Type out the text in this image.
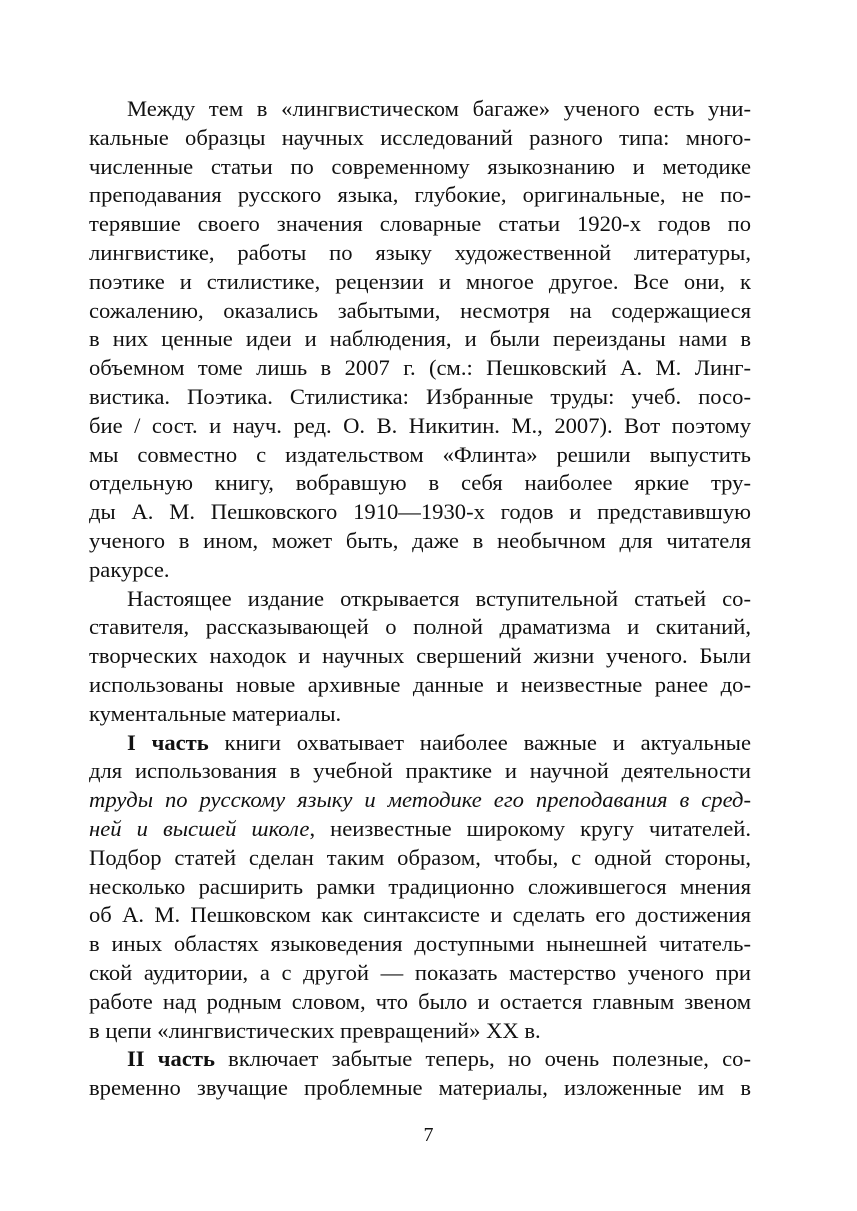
Между тем в «лингвистическом багаже» ученого есть уни-
кальные образцы научных исследований разного типа: много-
численные статьи по современному языкознанию и методике
преподавания русского языка, глубокие, оригинальные, не по-
терявшие своего значения словарные статьи 1920-х годов по
лингвистике, работы по языку художественной литературы,
поэтике и стилистике, рецензии и многое другое. Все они, к
сожалению, оказались забытыми, несмотря на содержащиеся
в них ценные идеи и наблюдения, и были переизданы нами в
объемном томе лишь в 2007 г. (см.: Пешковский А. М. Линг-
вистика. Поэтика. Стилистика: Избранные труды: учеб. посо-
бие / сост. и науч. ред. О. В. Никитин. М., 2007). Вот поэтому
мы совместно с издательством «Флинта» решили выпустить
отдельную книгу, вобравшую в себя наиболее яркие тру-
ды А. М. Пешковского 1910—1930-х годов и представившую
ученого в ином, может быть, даже в необычном для читателя
ракурсе.
Настоящее издание открывается вступительной статьей со-
ставителя, рассказывающей о полной драматизма и скитаний,
творческих находок и научных свершений жизни ученого. Были
использованы новые архивные данные и неизвестные ранее до-
кументальные материалы.
I часть книги охватывает наиболее важные и актуальные
для использования в учебной практике и научной деятельности
труды по русскому языку и методике его преподавания в сред-
ней и высшей школе, неизвестные широкому кругу читателей.
Подбор статей сделан таким образом, чтобы, с одной стороны,
несколько расширить рамки традиционно сложившегося мнения
об А. М. Пешковском как синтаксисте и сделать его достижения
в иных областях языковедения доступными нынешней читатель-
ской аудитории, а с другой — показать мастерство ученого при
работе над родным словом, что было и остается главным звеном
в цепи «лингвистических превращений» XX в.
II часть включает забытые теперь, но очень полезные, со-
временно звучащие проблемные материалы, изложенные им в
7
